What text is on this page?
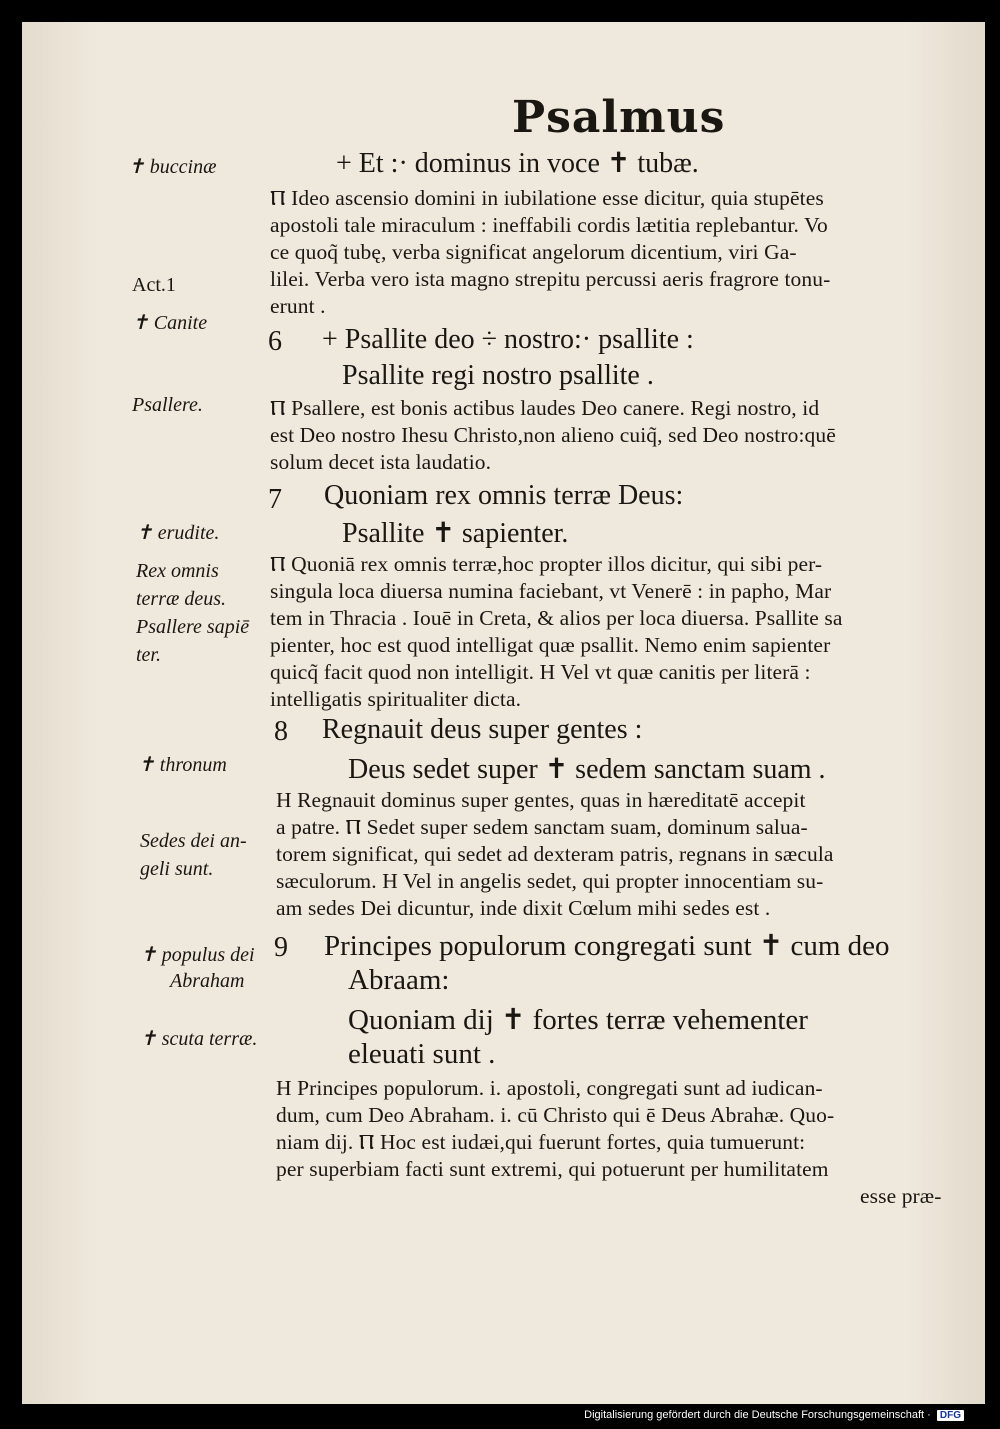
Psalmus
✝ buccinæ
Act.1
✝ Canite
Psallere.
✝ erudite.
Rex omnis
terræ deus.
Psallere sapiē
ter.
✝ thronum
Sedes dei an-
geli sunt.
✝ populus dei
Abraham
✝ scuta terræ.
6
7
8
9
+ Et :· dominus in voce ✝ tubæ.
+ Psallite deo ÷ nostro:· psallite :
Psallite regi nostro psallite .
Quoniam rex omnis terræ Deus:
Psallite ✝ sapienter.
Regnauit deus super gentes :
Deus sedet super ✝ sedem sanctam suam .
Principes populorum congregati sunt ✝ cum deo
Abraam:
Quoniam dij ✝ fortes terræ vehementer
eleuati sunt .
Ⲡ Ideo ascensio domini in iubilatione esse dicitur, quia stupētes
apostoli tale miraculum : ineffabili cordis lætitia replebantur. Vo
ce quoq̃ tubę, verba significat angelorum dicentium, viri Ga-
lilei. Verba vero ista magno strepitu percussi aeris fragrore tonu-
erunt .
Ⲡ Psallere, est bonis actibus laudes Deo canere. Regi nostro, id
est Deo nostro Ihesu Christo,non alieno cuiq̃, sed Deo nostro:quē
solum decet ista laudatio.
Ⲡ Quoniā rex omnis terræ,hoc propter illos dicitur, qui sibi per-
singula loca diuersa numina faciebant, vt Venerē : in papho, Mar
tem in Thracia . Iouē in Creta, & alios per loca diuersa. Psallite sa
pienter, hoc est quod intelligat quæ psallit. Nemo enim sapienter
quicq̃ facit quod non intelligit. H Vel vt quæ canitis per literā :
intelligatis spiritualiter dicta.
H Regnauit dominus super gentes, quas in hæreditatē accepit
a patre. Ⲡ Sedet super sedem sanctam suam, dominum salua-
torem significat, qui sedet ad dexteram patris, regnans in sæcula
sæculorum. H Vel in angelis sedet, qui propter innocentiam su-
am sedes Dei dicuntur, inde dixit Cœlum mihi sedes est .
H Principes populorum. i. apostoli, congregati sunt ad iudican-
dum, cum Deo Abraham. i. cū Christo qui ē Deus Abrahæ. Quo-
niam dij. Ⲡ Hoc est iudæi,qui fuerunt fortes, quia tumuerunt:
per superbiam facti sunt extremi, qui potuerunt per humilitatem
esse præ-
Digitalisierung gefördert durch die Deutsche Forschungsgemeinschaft · DFG
